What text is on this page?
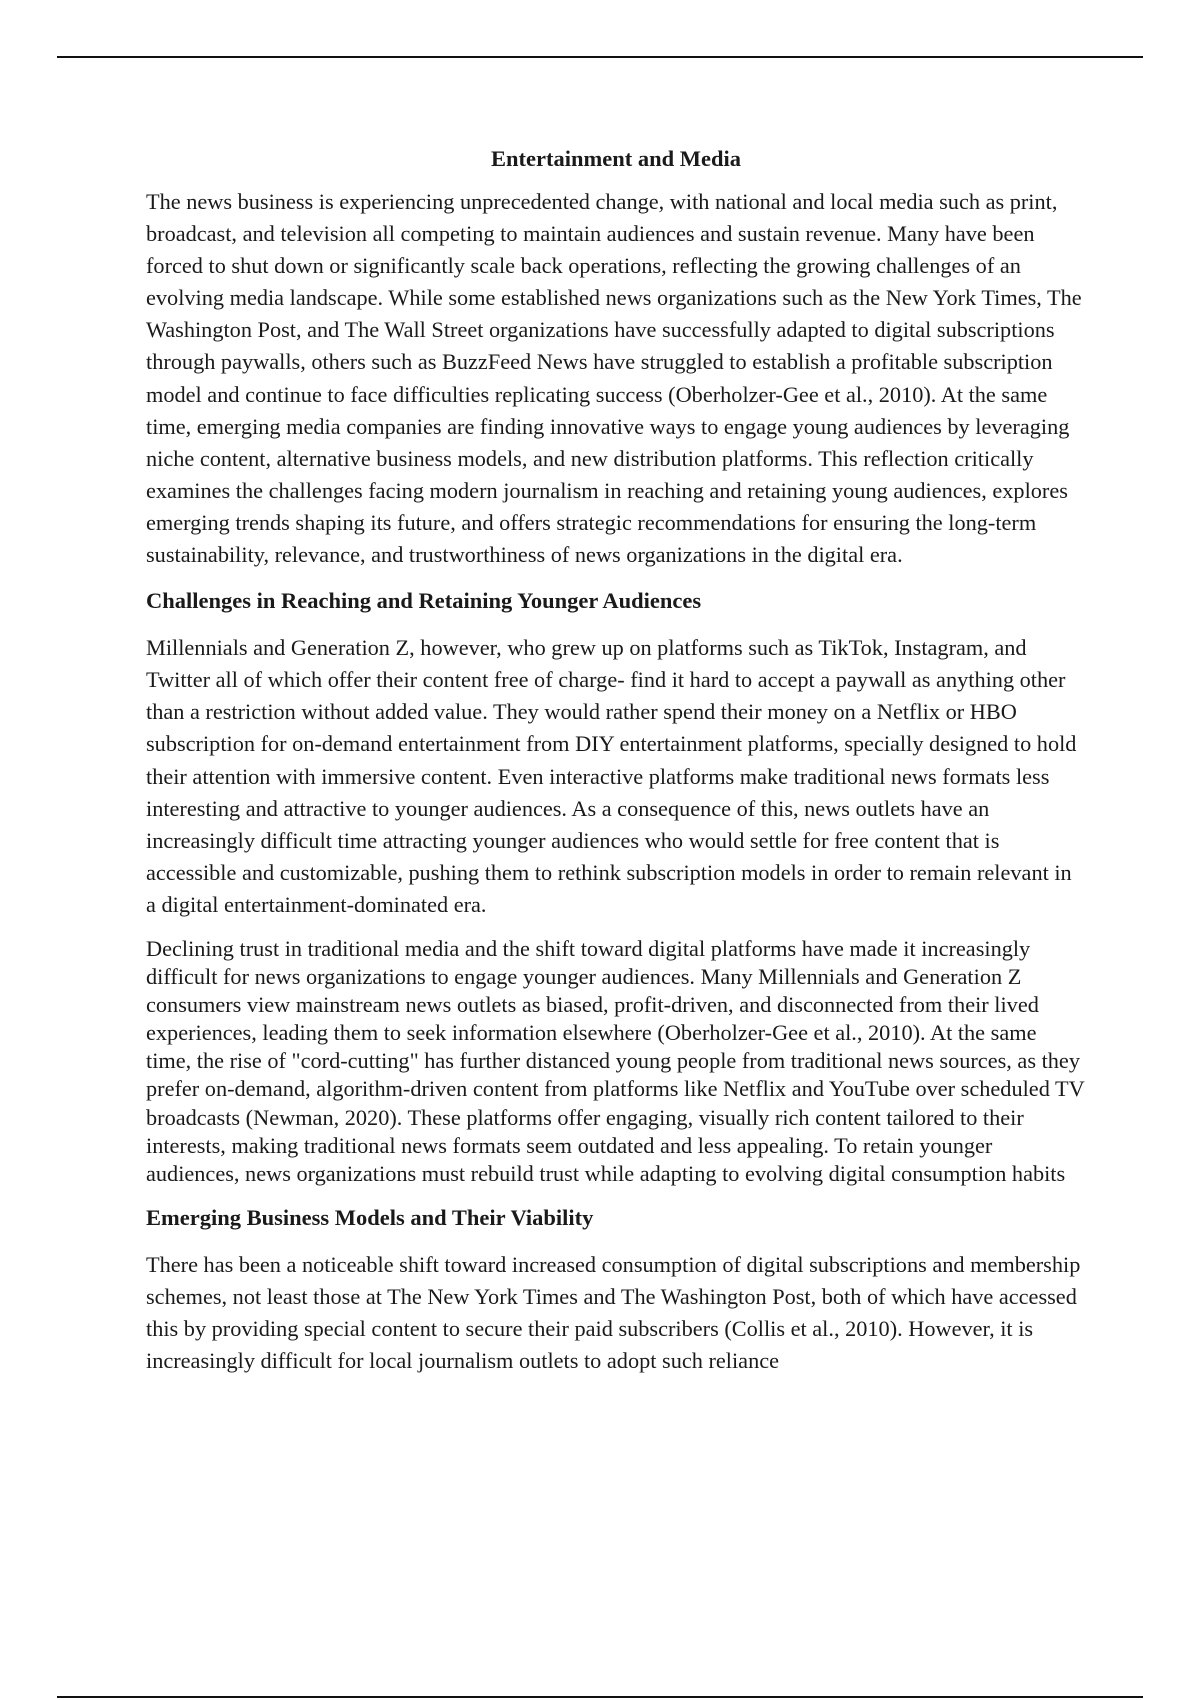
Entertainment and Media

The news business is experiencing unprecedented change, with national and local media such as print, broadcast, and television all competing to maintain audiences and sustain revenue. Many have been forced to shut down or significantly scale back operations, reflecting the growing challenges of an evolving media landscape. While some established news organizations such as the New York Times, The Washington Post, and The Wall Street organizations have successfully adapted to digital subscriptions through paywalls, others such as BuzzFeed News have struggled to establish a profitable subscription model and continue to face difficulties replicating success (Oberholzer-Gee et al., 2010). At the same time, emerging media companies are finding innovative ways to engage young audiences by leveraging niche content, alternative business models, and new distribution platforms. This reflection critically examines the challenges facing modern journalism in reaching and retaining young audiences, explores emerging trends shaping its future, and offers strategic recommendations for ensuring the long-term sustainability, relevance, and trustworthiness of news organizations in the digital era.

Challenges in Reaching and Retaining Younger Audiences

Millennials and Generation Z, however, who grew up on platforms such as TikTok, Instagram, and Twitter all of which offer their content free of charge- find it hard to accept a paywall as anything other than a restriction without added value. They would rather spend their money on a Netflix or HBO subscription for on-demand entertainment from DIY entertainment platforms, specially designed to hold their attention with immersive content. Even interactive platforms make traditional news formats less interesting and attractive to younger audiences. As a consequence of this, news outlets have an increasingly difficult time attracting younger audiences who would settle for free content that is accessible and customizable, pushing them to rethink subscription models in order to remain relevant in a digital entertainment-dominated era.

Declining trust in traditional media and the shift toward digital platforms have made it increasingly difficult for news organizations to engage younger audiences. Many Millennials and Generation Z consumers view mainstream news outlets as biased, profit-driven, and disconnected from their lived experiences, leading them to seek information elsewhere (Oberholzer-Gee et al., 2010). At the same time, the rise of "cord-cutting" has further distanced young people from traditional news sources, as they prefer on-demand, algorithm-driven content from platforms like Netflix and YouTube over scheduled TV broadcasts (Newman, 2020). These platforms offer engaging, visually rich content tailored to their interests, making traditional news formats seem outdated and less appealing. To retain younger audiences, news organizations must rebuild trust while adapting to evolving digital consumption habits

Emerging Business Models and Their Viability

There has been a noticeable shift toward increased consumption of digital subscriptions and membership schemes, not least those at The New York Times and The Washington Post, both of which have accessed this by providing special content to secure their paid subscribers (Collis et al., 2010). However, it is increasingly difficult for local journalism outlets to adopt such reliance
